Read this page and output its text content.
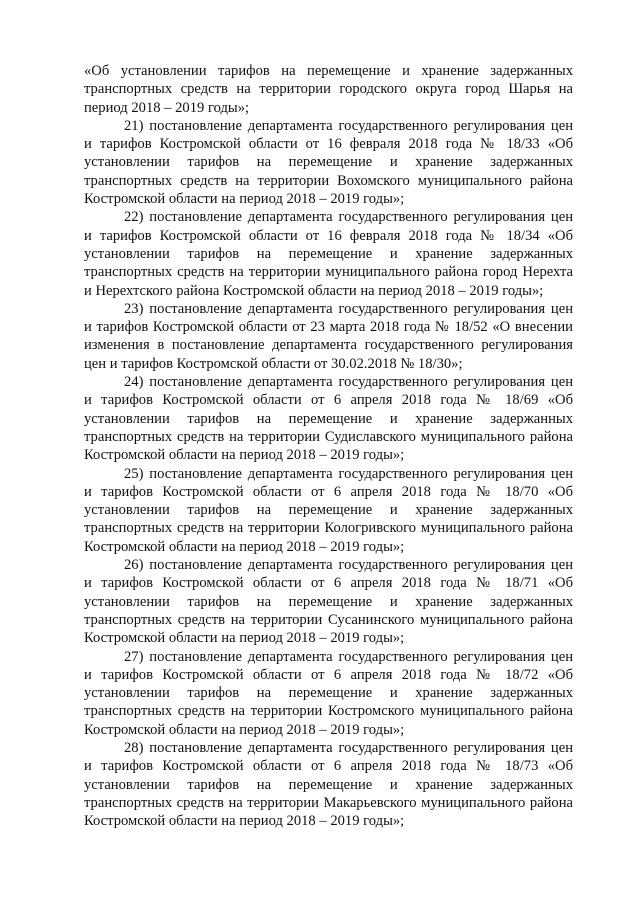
«Об установлении тарифов на перемещение и хранение задержанных транспортных средств на территории городского округа город Шарья на период 2018 – 2019 годы»;

21) постановление департамента государственного регулирования цен и тарифов Костромской области от 16 февраля 2018 года № 18/33 «Об установлении тарифов на перемещение и хранение задержанных транспортных средств на территории Вохомского муниципального района Костромской области на период 2018 – 2019 годы»;

22) постановление департамента государственного регулирования цен и тарифов Костромской области от 16 февраля 2018 года № 18/34 «Об установлении тарифов на перемещение и хранение задержанных транспортных средств на территории муниципального района город Нерехта и Нерехтского района Костромской области на период 2018 – 2019 годы»;

23) постановление департамента государственного регулирования цен и тарифов Костромской области от 23 марта 2018 года № 18/52 «О внесении изменения в постановление департамента государственного регулирования цен и тарифов Костромской области от 30.02.2018 № 18/30»;

24) постановление департамента государственного регулирования цен и тарифов Костромской области от 6 апреля 2018 года № 18/69 «Об установлении тарифов на перемещение и хранение задержанных транспортных средств на территории Судиславского муниципального района Костромской области на период 2018 – 2019 годы»;

25) постановление департамента государственного регулирования цен и тарифов Костромской области от 6 апреля 2018 года № 18/70 «Об установлении тарифов на перемещение и хранение задержанных транспортных средств на территории Кологривского муниципального района Костромской области на период 2018 – 2019 годы»;

26) постановление департамента государственного регулирования цен и тарифов Костромской области от 6 апреля 2018 года № 18/71 «Об установлении тарифов на перемещение и хранение задержанных транспортных средств на территории Сусанинского муниципального района Костромской области на период 2018 – 2019 годы»;

27) постановление департамента государственного регулирования цен и тарифов Костромской области от 6 апреля 2018 года № 18/72 «Об установлении тарифов на перемещение и хранение задержанных транспортных средств на территории Костромского муниципального района Костромской области на период 2018 – 2019 годы»;

28) постановление департамента государственного регулирования цен и тарифов Костромской области от 6 апреля 2018 года № 18/73 «Об установлении тарифов на перемещение и хранение задержанных транспортных средств на территории Макарьевского муниципального района Костромской области на период 2018 – 2019 годы»;
